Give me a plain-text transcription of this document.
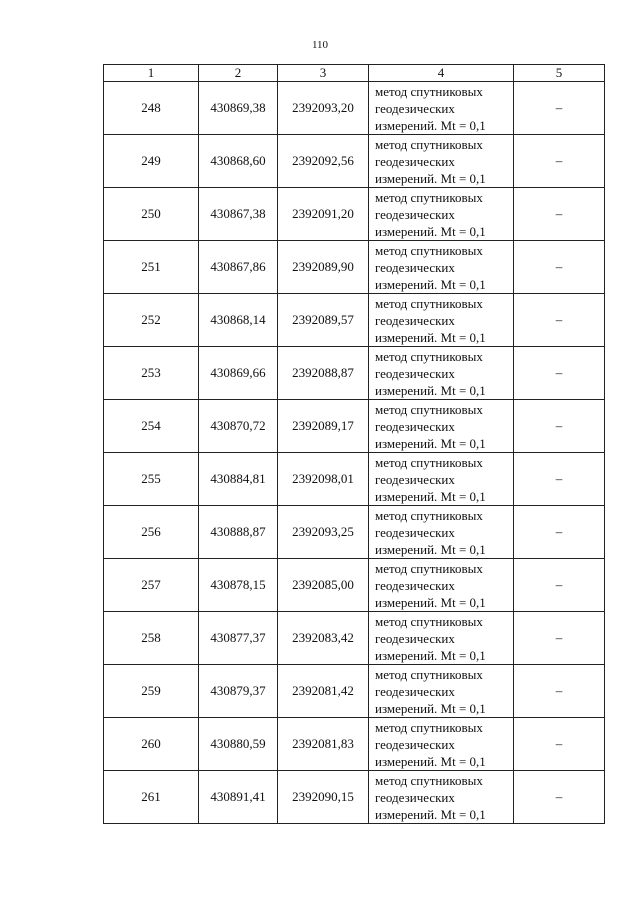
110
1	2	3	4	5
248	430869,38	2392093,20	метод спутниковых
геодезических
измерений. Mt = 0,1	–
249	430868,60	2392092,56	метод спутниковых
геодезических
измерений. Mt = 0,1	–
250	430867,38	2392091,20	метод спутниковых
геодезических
измерений. Mt = 0,1	–
251	430867,86	2392089,90	метод спутниковых
геодезических
измерений. Mt = 0,1	–
252	430868,14	2392089,57	метод спутниковых
геодезических
измерений. Mt = 0,1	–
253	430869,66	2392088,87	метод спутниковых
геодезических
измерений. Mt = 0,1	–
254	430870,72	2392089,17	метод спутниковых
геодезических
измерений. Mt = 0,1	–
255	430884,81	2392098,01	метод спутниковых
геодезических
измерений. Mt = 0,1	–
256	430888,87	2392093,25	метод спутниковых
геодезических
измерений. Mt = 0,1	–
257	430878,15	2392085,00	метод спутниковых
геодезических
измерений. Mt = 0,1	–
258	430877,37	2392083,42	метод спутниковых
геодезических
измерений. Mt = 0,1	–
259	430879,37	2392081,42	метод спутниковых
геодезических
измерений. Mt = 0,1	–
260	430880,59	2392081,83	метод спутниковых
геодезических
измерений. Mt = 0,1	–
261	430891,41	2392090,15	метод спутниковых
геодезических
измерений. Mt = 0,1	–
